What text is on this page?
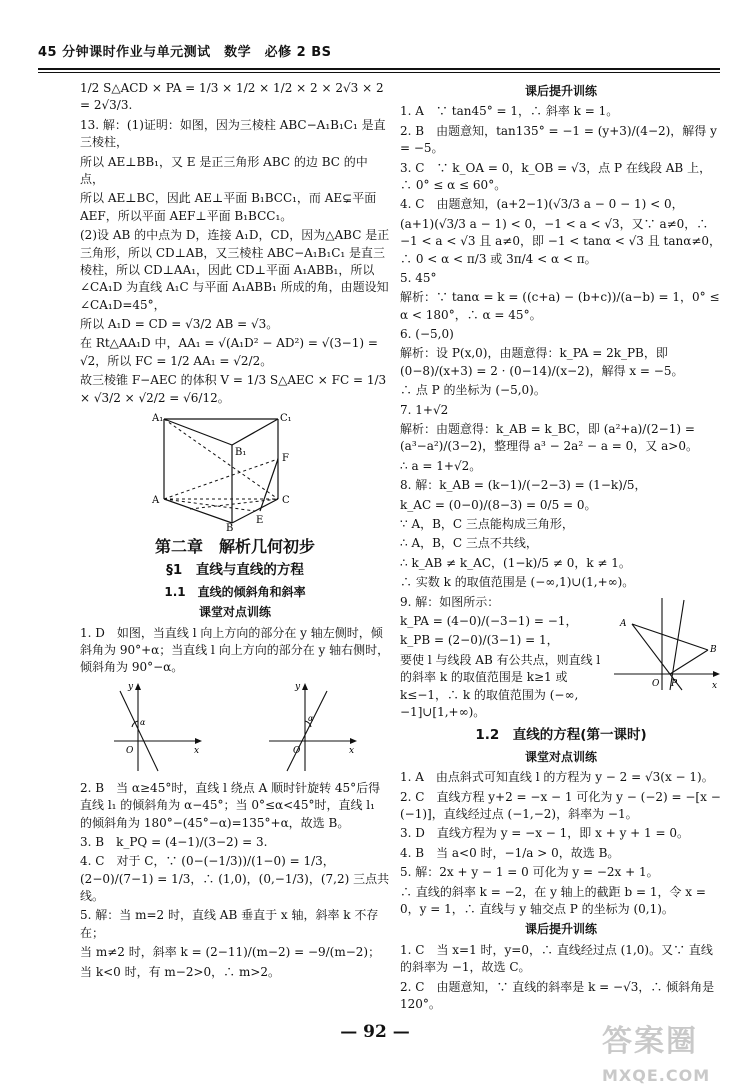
45 分钟课时作业与单元测试　数学　必修 2 BS

1/2 S△ACD × PA = 1/3 × 1/2 × 1/2 × 2 × 2√3 × 2 = 2√3/3.

13. 解：(1)证明：如图，因为三棱柱 ABC−A₁B₁C₁ 是直三棱柱，

所以 AE⊥BB₁，又 E 是正三角形 ABC 的边 BC 的中点，

所以 AE⊥BC，因此 AE⊥平面 B₁BCC₁，而 AE⊊平面 AEF，所以平面 AEF⊥平面 B₁BCC₁。

(2)设 AB 的中点为 D，连接 A₁D，CD，因为△ABC 是正三角形，所以 CD⊥AB，又三棱柱 ABC−A₁B₁C₁ 是直三棱柱，所以 CD⊥AA₁，因此 CD⊥平面 A₁ABB₁，所以∠CA₁D 为直线 A₁C 与平面 A₁ABB₁ 所成的角，由题设知∠CA₁D=45°，

所以 A₁D = CD = √3/2 AB = √3。

在 Rt△AA₁D 中，AA₁ = √(A₁D² − AD²) = √(3−1) = √2，所以 FC = 1/2 AA₁ = √2/2。

故三棱锥 F−AEC 的体积 V = 1/3 S△AEC × FC = 1/3 × √3/2 × √2/2 = √6/12。

A₁	C₁
B₁
F
A	C
E
B

第二章　解析几何初步

§1　直线与直线的方程

1.1　直线的倾斜角和斜率

课堂对点训练

1. D　如图，当直线 l 向上方向的部分在 y 轴左侧时，倾斜角为 90°+α；当直线 l 向上方向的部分在 y 轴右侧时，倾斜角为 90°−α。

y
x
O
α
y
x
O
α

2. B　当 α≥45°时，直线 l 绕点 A 顺时针旋转 45°后得直线 l₁ 的倾斜角为 α−45°；当 0°≤α<45°时，直线 l₁ 的倾斜角为 180°−(45°−α)=135°+α，故选 B。

3. B　k_PQ = (4−1)/(3−2) = 3.

4. C　对于 C，∵ (0−(−1/3))/(1−0) = 1/3，(2−0)/(7−1) = 1/3，∴ (1,0)，(0,−1/3)，(7,2) 三点共线。

5. 解：当 m=2 时，直线 AB 垂直于 x 轴，斜率 k 不存在；

当 m≠2 时，斜率 k = (2−11)/(m−2) = −9/(m−2)；

当 k<0 时，有 m−2>0，∴ m>2。

课后提升训练

1. A　∵ tan45° = 1，∴ 斜率 k = 1。

2. B　由题意知，tan135° = −1 = (y+3)/(4−2)，解得 y = −5。

3. C　∵ k_OA = 0，k_OB = √3，点 P 在线段 AB 上，∴ 0° ≤ α ≤ 60°。

4. C　由题意知，(a+2−1)(√3/3 a − 0 − 1) < 0，

(a+1)(√3/3 a − 1) < 0，−1 < a < √3，又∵ a≠0，∴ −1 < a < √3 且 a≠0，即 −1 < tanα < √3 且 tanα≠0，∴ 0 < α < π/3 或 3π/4 < α < π。

5. 45°

解析：∵ tanα = k = ((c+a) − (b+c))/(a−b) = 1，0° ≤ α < 180°，∴ α = 45°。

6. (−5,0)

解析：设 P(x,0)，由题意得：k_PA = 2k_PB，即 (0−8)/(x+3) = 2 · (0−14)/(x−2)，解得 x = −5。

∴ 点 P 的坐标为 (−5,0)。

7. 1+√2

解析：由题意得：k_AB = k_BC，即 (a²+a)/(2−1) = (a³−a²)/(3−2)，整理得 a³ − 2a² − a = 0，又 a>0。

∴ a = 1+√2。

8. 解：k_AB = (k−1)/(−2−3) = (1−k)/5，

k_AC = (0−0)/(8−3) = 0/5 = 0。

∵ A，B，C 三点能构成三角形，

∴ A，B，C 三点不共线，

∴ k_AB ≠ k_AC，(1−k)/5 ≠ 0，k ≠ 1。

∴ 实数 k 的取值范围是 (−∞,1)∪(1,+∞)。

9. 解：如图所示：

k_PA = (4−0)/(−3−1) = −1，

k_PB = (2−0)/(3−1) = 1，

要使 l 与线段 AB 有公共点，则直线 l 的斜率 k 的取值范围是 k≥1 或 k≤−1，∴ k 的取值范围为 (−∞,−1]∪[1,+∞)。

A
B
O P	x

1.2　直线的方程(第一课时)

课堂对点训练

1. A　由点斜式可知直线 l 的方程为 y − 2 = √3(x − 1)。

2. C　直线方程 y+2 = −x − 1 可化为 y − (−2) = −[x − (−1)]，直线经过点 (−1,−2)，斜率为 −1。

3. D　直线方程为 y = −x − 1，即 x + y + 1 = 0。

4. B　当 a<0 时，−1/a > 0，故选 B。

5. 解：2x + y − 1 = 0 可化为 y = −2x + 1。

∴ 直线的斜率 k = −2，在 y 轴上的截距 b = 1，令 x = 0，y = 1，∴ 直线与 y 轴交点 P 的坐标为 (0,1)。

课后提升训练

1. C　当 x=1 时，y=0，∴ 直线经过点 (1,0)。又∵ 直线的斜率为 −1，故选 C。

2. C　由题意知，∵ 直线的斜率是 k = −√3，∴ 倾斜角是 120°。

— 92 —	答案圈
MXQE.COM
